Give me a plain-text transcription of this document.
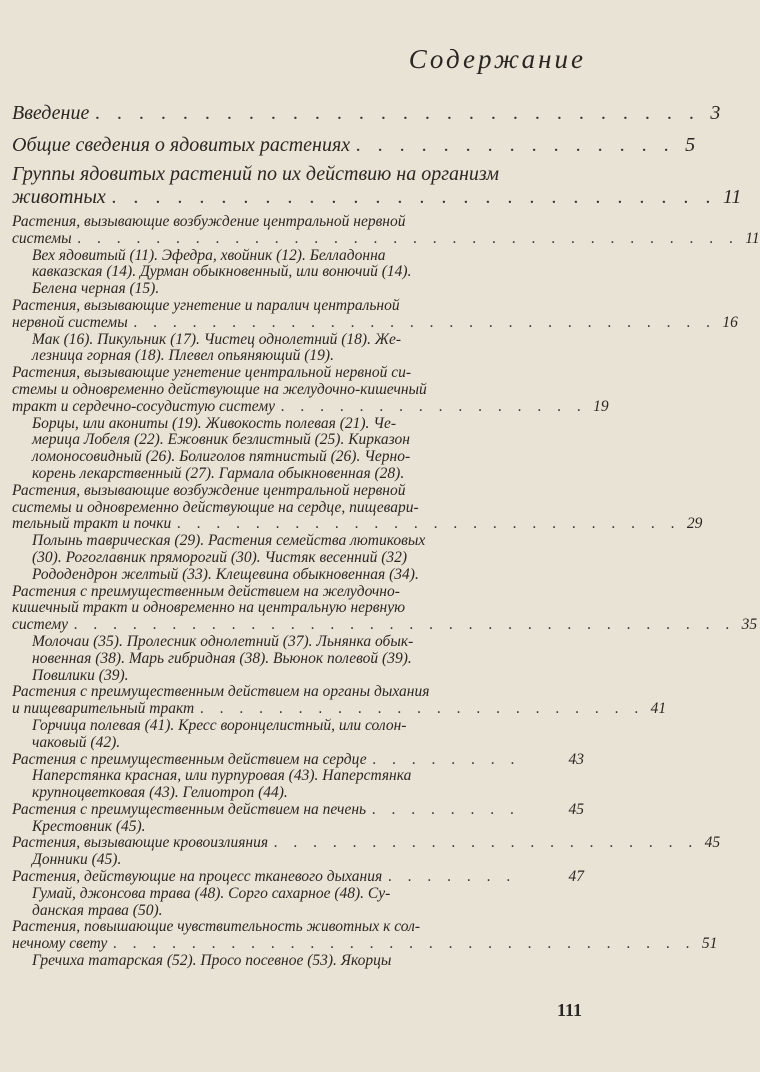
Содержание
Введение . . . . . . . . . . . . . . . . . . . . . . . . . . . . 3
Общие сведения о ядовитых растениях . . . . . . . . . . . . . . . 5
Группы ядовитых растений по их действию на организм
животных . . . . . . . . . . . . . . . . . . . . . . . . . . . . 11
Растения, вызывающие возбуждение центральной нервной
системы . . . . . . . . . . . . . . . . . . . . . . . . . . . . . . . . . . 11
Вех ядовитый (11). Эфедра, хвойник (12). Белладонна
кавказская (14). Дурман обыкновенный, или вонючий (14).
Белена черная (15).
Растения, вызывающие угнетение и паралич центральной
нервной системы . . . . . . . . . . . . . . . . . . . . . . . . . . . . . . 16
Мак (16). Пикульник (17). Чистец однолетний (18). Же-
лезница горная (18). Плевел опьяняющий (19).
Растения, вызывающие угнетение центральной нервной си-
стемы и одновременно действующие на желудочно-кишечный
тракт и сердечно-сосудистую систему . . . . . . . . . . . . . . . . 19
Борцы, или акониты (19). Живокость полевая (21). Че-
мерица Лобеля (22). Ежовник безлистный (25). Кирказон
ломоносовидный (26). Болиголов пятнистый (26). Черно-
корень лекарственный (27). Гармала обыкновенная (28).
Растения, вызывающие возбуждение центральной нервной
системы и одновременно действующие на сердце, пищевари-
тельный тракт и почки . . . . . . . . . . . . . . . . . . . . . . . . . . 29
Полынь таврическая (29). Растения семейства лютиковых
(30). Рогоглавник пряморогий (30). Чистяк весенний (32)
Рододендрон желтый (33). Клещевина обыкновенная (34).
Растения с преимущественным действием на желудочно-
кишечный тракт и одновременно на центральную нервную
систему . . . . . . . . . . . . . . . . . . . . . . . . . . . . . . . . . . 35
Молочаи (35). Пролесник однолетний (37). Льнянка обык-
новенная (38). Марь гибридная (38). Вьюнок полевой (39).
Повилики (39).
Растения с преимущественным действием на органы дыхания
и пищеварительный тракт . . . . . . . . . . . . . . . . . . . . . . . 41
Горчица полевая (41). Кресс воронцелистный, или солон-
чаковый (42).
Растения с преимущественным действием на сердце . . . . . . . .	43
Наперстянка красная, или пурпуровая (43). Наперстянка
крупноцветковая (43). Гелиотроп (44).
Растения с преимущественным действием на печень . . . . . . . .	45
Крестовник (45).
Растения, вызывающие кровоизлияния . . . . . . . . . . . . . . . . . . . . . . 45
Донники (45).
Растения, действующие на процесс тканевого дыхания . . . . . . .	47
Гумай, джонсова трава (48). Сорго сахарное (48). Су-
данская трава (50).
Растения, повышающие чувствительность животных к сол-
нечному свету . . . . . . . . . . . . . . . . . . . . . . . . . . . . . . 51
Гречиха татарская (52). Просо посевное (53). Якорцы
111
